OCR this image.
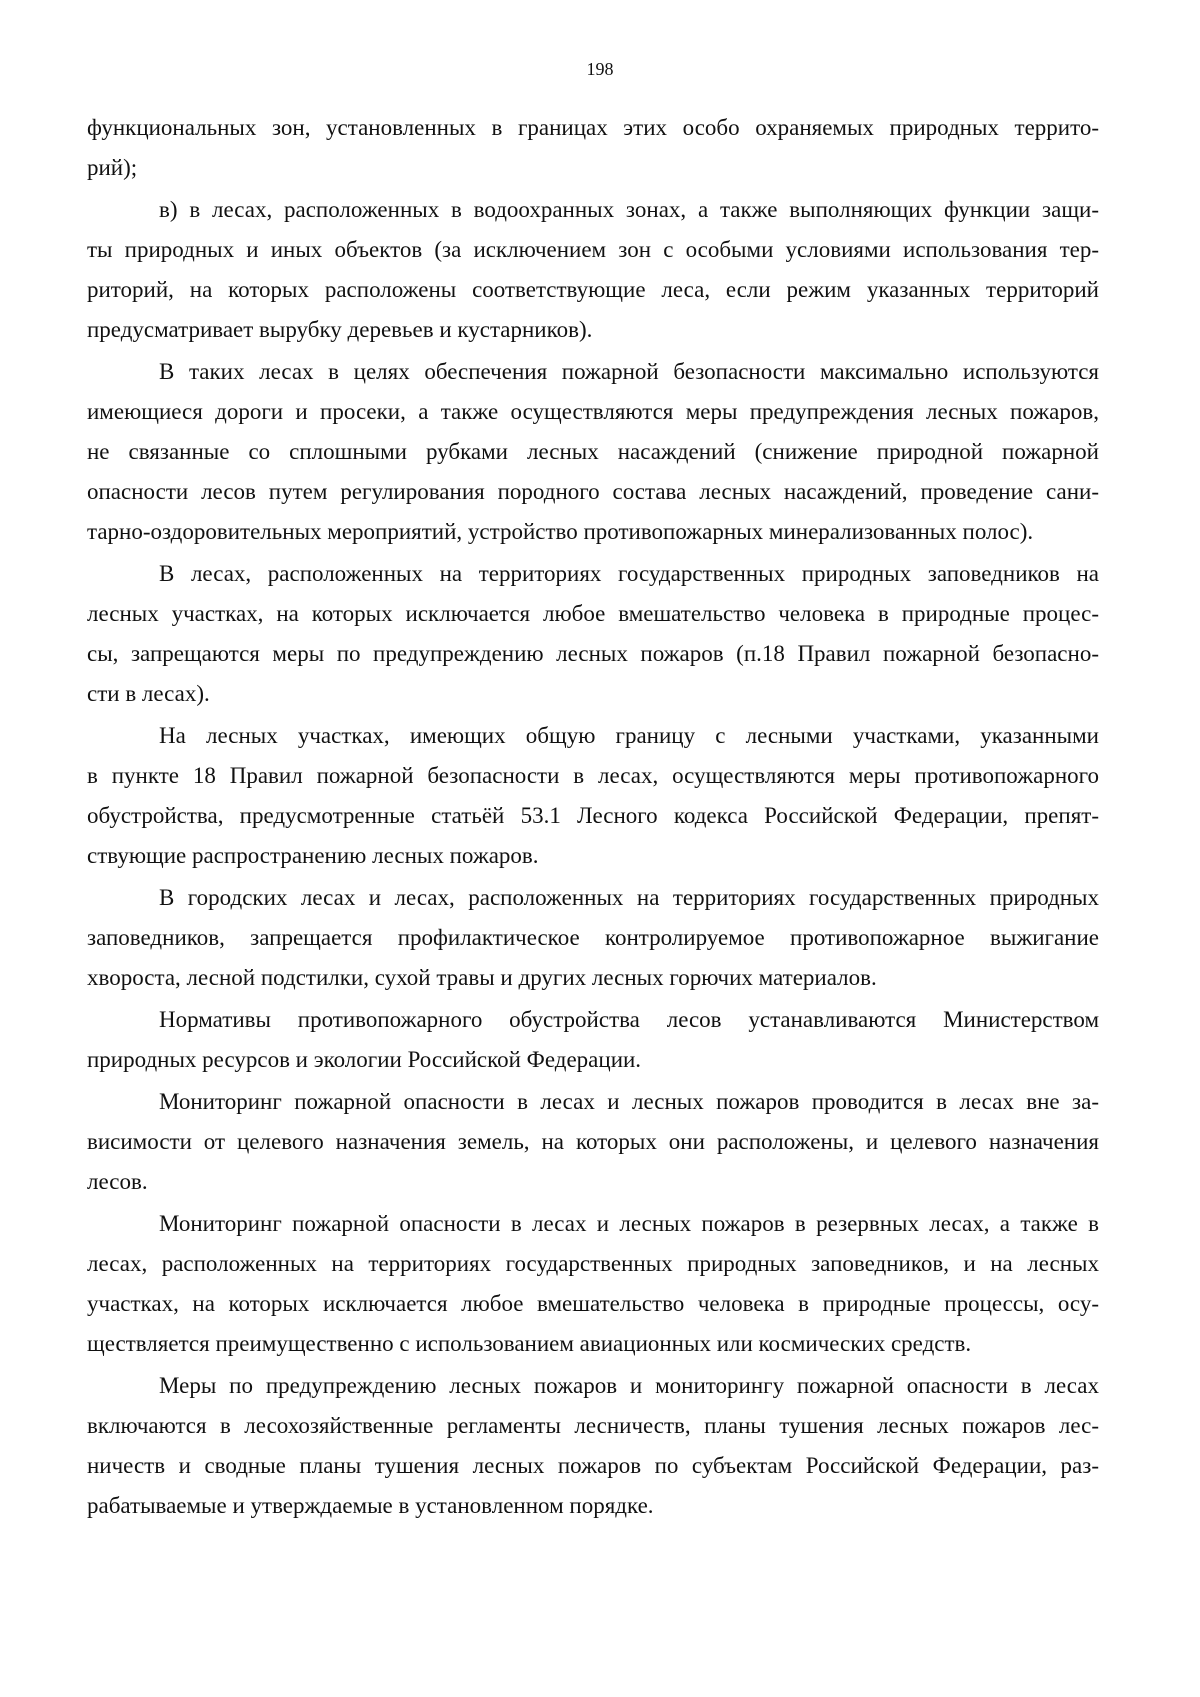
198
функциональных зон, установленных в границах этих особо охраняемых природных террито-
рий);
в) в лесах, расположенных в водоохранных зонах, а также выполняющих функции защи-
ты природных и иных объектов (за исключением зон с особыми условиями использования тер-
риторий, на которых расположены соответствующие леса, если режим указанных территорий
предусматривает вырубку деревьев и кустарников).
В таких лесах в целях обеспечения пожарной безопасности максимально используются
имеющиеся дороги и просеки, а также осуществляются меры предупреждения лесных пожаров,
не связанные со сплошными рубками лесных насаждений (снижение природной пожарной
опасности лесов путем регулирования породного состава лесных насаждений, проведение сани-
тарно-оздоровительных мероприятий, устройство противопожарных минерализованных полос).
В лесах, расположенных на территориях государственных природных заповедников на
лесных участках, на которых исключается любое вмешательство человека в природные процес-
сы, запрещаются меры по предупреждению лесных пожаров (п.18 Правил пожарной безопасно-
сти в лесах).
На лесных участках, имеющих общую границу с лесными участками, указанными
в пункте 18 Правил пожарной безопасности в лесах, осуществляются меры противопожарного
обустройства, предусмотренные статьёй 53.1 Лесного кодекса Российской Федерации, препят-
ствующие распространению лесных пожаров.
В городских лесах и лесах, расположенных на территориях государственных природных
заповедников, запрещается профилактическое контролируемое противопожарное выжигание
хвороста, лесной подстилки, сухой травы и других лесных горючих материалов.
Нормативы противопожарного обустройства лесов устанавливаются Министерством
природных ресурсов и экологии Российской Федерации.
Мониторинг пожарной опасности в лесах и лесных пожаров проводится в лесах вне за-
висимости от целевого назначения земель, на которых они расположены, и целевого назначения
лесов.
Мониторинг пожарной опасности в лесах и лесных пожаров в резервных лесах, а также в
лесах, расположенных на территориях государственных природных заповедников, и на лесных
участках, на которых исключается любое вмешательство человека в природные процессы, осу-
ществляется преимущественно с использованием авиационных или космических средств.
Меры по предупреждению лесных пожаров и мониторингу пожарной опасности в лесах
включаются в лесохозяйственные регламенты лесничеств, планы тушения лесных пожаров лес-
ничеств и сводные планы тушения лесных пожаров по субъектам Российской Федерации, раз-
рабатываемые и утверждаемые в установленном порядке.
